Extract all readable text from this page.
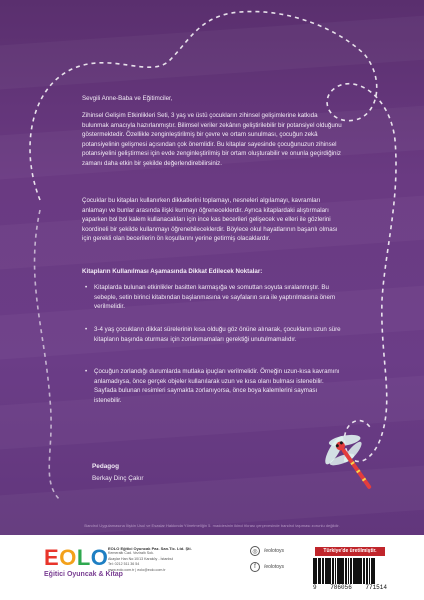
Sevgili Anne-Baba ve Eğitimciler,

Zihinsel Gelişim Etkinlikleri Seti, 3 yaş ve üstü çocukların zihinsel gelişimlerine katkıda bulunmak amacıyla hazırlanmıştır. Bilimsel veriler zekânın geliştirilebilir bir potansiyel olduğunu göstermektedir. Özellikle zenginleştirilmiş bir çevre ve ortam sunulması, çocuğun zekâ potansiyelinin gelişmesi açısından çok önemlidir. Bu kitaplar sayesinde çocuğunuzun zihinsel potansiyelini geliştirmesi için evde zenginleştirilmiş bir ortam oluşturabilir ve onunla geçirdiğiniz zamanı daha etkin bir şekilde değerlendirebilirsiniz.

Çocuklar bu kitapları kullanırken dikkatlerini toplamayı, nesneleri algılamayı, kavramları anlamayı ve bunlar arasında ilişki kurmayı öğreneceklerdir. Ayrıca kitaplardaki alıştırmaları yaparken bol bol kalem kullanacakları için ince kas becerileri gelişecek ve elleri ile gözlerini koordineli bir şekilde kullanmayı öğrenebileceklerdir. Böylece okul hayatlarının başarılı olması için gerekli olan becerilerin ön koşullarını yerine getirmiş olacaklardır.

Kitapların Kullanılması Aşamasında Dikkat Edilecek Noktalar:

• Kitaplarda bulunan etkinlikler basitten karmaşığa ve somuttan soyuta sıralanmıştır. Bu sebeple, setin birinci kitabından başlanmasına ve sayfaların sıra ile yaptırılmasına önem verilmelidir.
• 3-4 yaş çocukların dikkat sürelerinin kısa olduğu göz önüne alınarak, çocukların uzun süre kitapların başında oturması için zorlanmamaları gerektiği unutulmamalıdır.
• Çocuğun zorlandığı durumlarda mutlaka ipuçları verilmelidir. Örneğin uzun-kısa kavramını anlamadıysa, önce gerçek objeler kullanılarak uzun ve kısa olanı bulması istenebilir. Sayfada bulunan resimleri saymakta zorlanıyorsa, önce boya kalemlerini sayması istenebilir.
Pedagog
Berkay Dinç Çakır
Bandrol Uygulamasına İlişkin Usul ve Esaslar Hakkında Yönetmeliğin 5. maddesinin ikinci fıkrası çerçevesinde bandrol taşıması zorunlu değildir.
EOLO
Eğitici Oyuncak & Kitap
EOLO Eğitici Oyuncak Paz. San.Tic. Ltd. Şti.
Kemeraltı Cad. Veziraltı Sok.
Akaylar Han No:10/13 Karaköy - İstanbul
Tel: 0212 511 36 54
www.eolo.com.tr | eolo@eolo.com.tr
◎	/eolotoys
f	/eolotoys
Türkiye'de üretilmiştir.
9 786056 771514
